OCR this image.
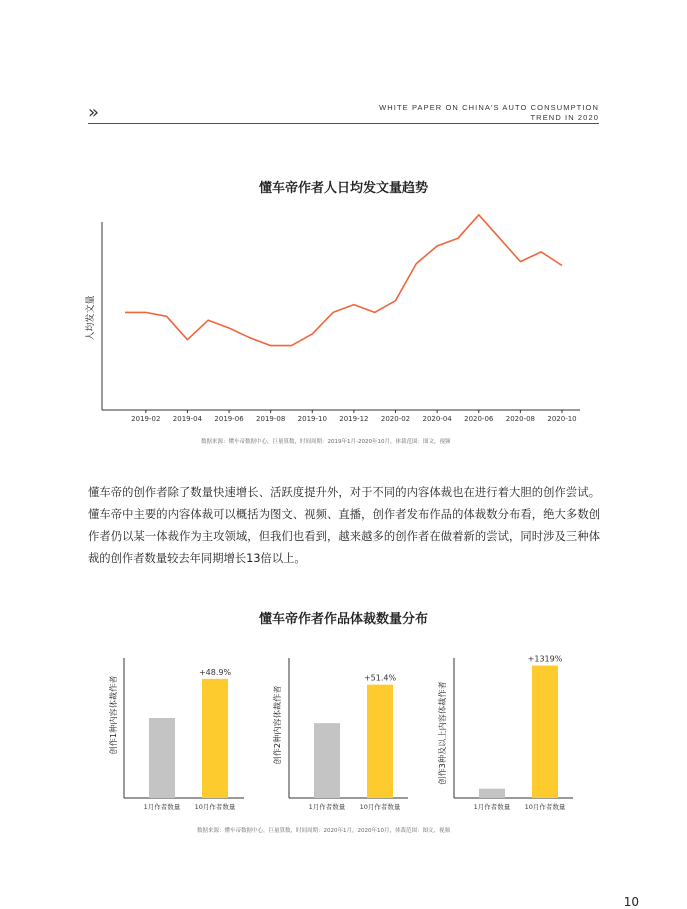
»	WHITE PAPER ON CHINA'S AUTO CONSUMPTION
TREND IN 2020
懂车帝作者人日均发文量趋势
2019-02 2019-04 2019-06 2019-08 2019-10 2019-12 2020-02 2020-04 2020-06 2020-08 2020-10
人均发文量
数据来源：懂车帝数据中心，巨量算数，时间周期：2019年1月-2020年10月，体裁范围：图文，视频

懂车帝的创作者除了数量快速增长、活跃度提升外，对于不同的内容体裁也在进行着大胆的创作尝试。懂车帝中主要的内容体裁可以概括为图文、视频、直播，创作者发布作品的体裁数分布看，绝大多数创作者仍以某一体裁作为主攻领域，但我们也看到，越来越多的创作者在做着新的尝试，同时涉及三种体裁的创作者数量较去年同期增长13倍以上。

懂车帝作者作品体裁数量分布
1月作者数量 10月作者数量
+48.9%
创作1种内容体裁作者
1月作者数量 10月作者数量
+51.4%
创作2种内容体裁作者
1月作者数量 10月作者数量
+1319%
创作3种及以上内容体裁作者
数据来源：懂车帝数据中心，巨量算数，时间周期：2020年1月，2020年10月，体裁范围：图文，视频
10
